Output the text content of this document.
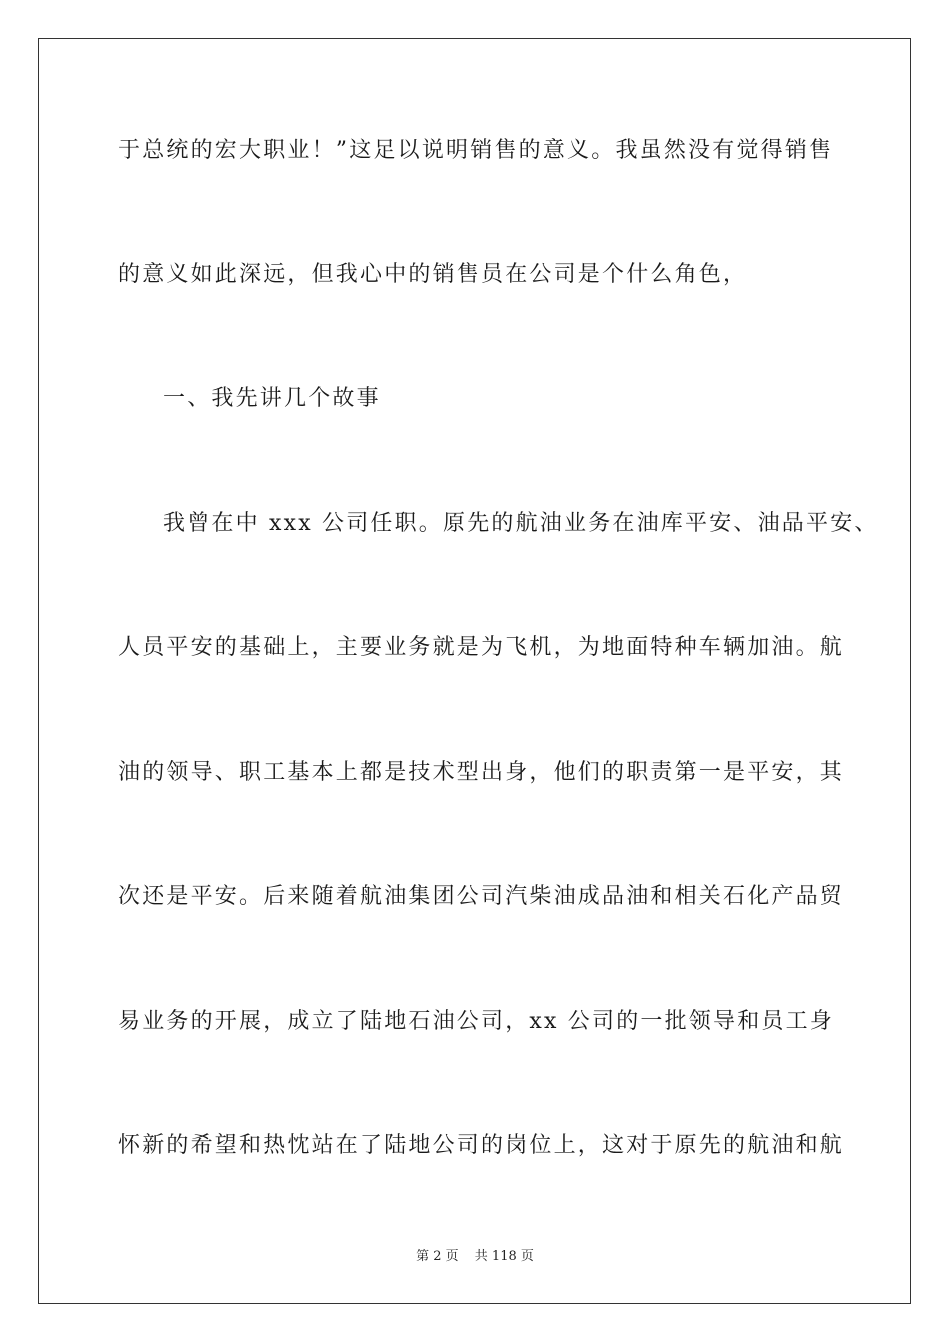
于总统的宏大职业！”这足以说明销售的意义。我虽然没有觉得销售
的意义如此深远，但我心中的销售员在公司是个什么角色，
一、我先讲几个故事
我曾在中 xxx 公司任职。原先的航油业务在油库平安、油品平安、
人员平安的基础上，主要业务就是为飞机，为地面特种车辆加油。航
油的领导、职工基本上都是技术型出身，他们的职责第一是平安，其
次还是平安。后来随着航油集团公司汽柴油成品油和相关石化产品贸
易业务的开展，成立了陆地石油公司，xx 公司的一批领导和员工身
怀新的希望和热忱站在了陆地公司的岗位上，这对于原先的航油和航
第 2 页 共 118 页
